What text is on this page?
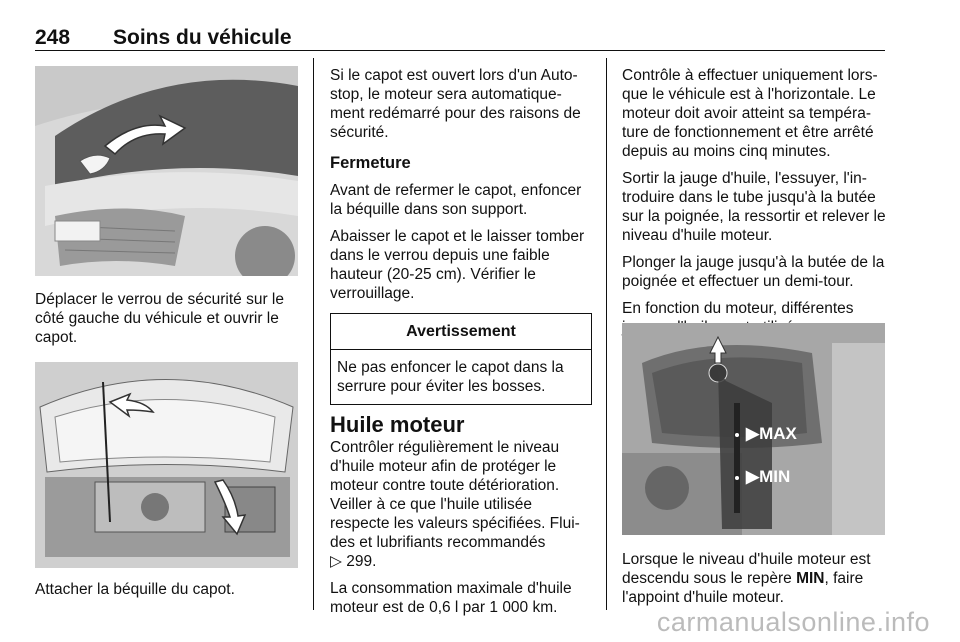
248 Soins du véhicule

Déplacer le verrou de sécurité sur le côté gauche du véhicule et ouvrir le capot.

Attacher la béquille du capot.

Si le capot est ouvert lors d'un Auto-stop, le moteur sera automatique-ment redémarré pour des raisons de sécurité.

Fermeture

Avant de refermer le capot, enfoncer la béquille dans son support.

Abaisser le capot et le laisser tomber dans le verrou depuis une faible hauteur (20-25 cm). Vérifier le verrouillage.

Avertissement
Ne pas enfoncer le capot dans la serrure pour éviter les bosses.
Huile moteur

Contrôler régulièrement le niveau d'huile moteur afin de protéger le moteur contre toute détérioration. Veiller à ce que l'huile utilisée respecte les valeurs spécifiées. Flui-des et lubrifiants recommandés

▷ 299.

La consommation maximale d'huile moteur est de 0,6 l par 1 000 km.

Contrôle à effectuer uniquement lors-que le véhicule est à l'horizontale. Le moteur doit avoir atteint sa tempéra-ture de fonctionnement et être arrêté depuis au moins cinq minutes.

Sortir la jauge d'huile, l'essuyer, l'in-troduire dans le tube jusqu'à la butée sur la poignée, la ressortir et relever le niveau d'huile moteur.

Plonger la jauge jusqu'à la butée de la poignée et effectuer un demi-tour.

En fonction du moteur, différentes

▶MAX
▶MIN

Lorsque le niveau d'huile moteur est descendu sous le repère MIN, faire l'appoint d'huile moteur.

carmanualsonline.info
